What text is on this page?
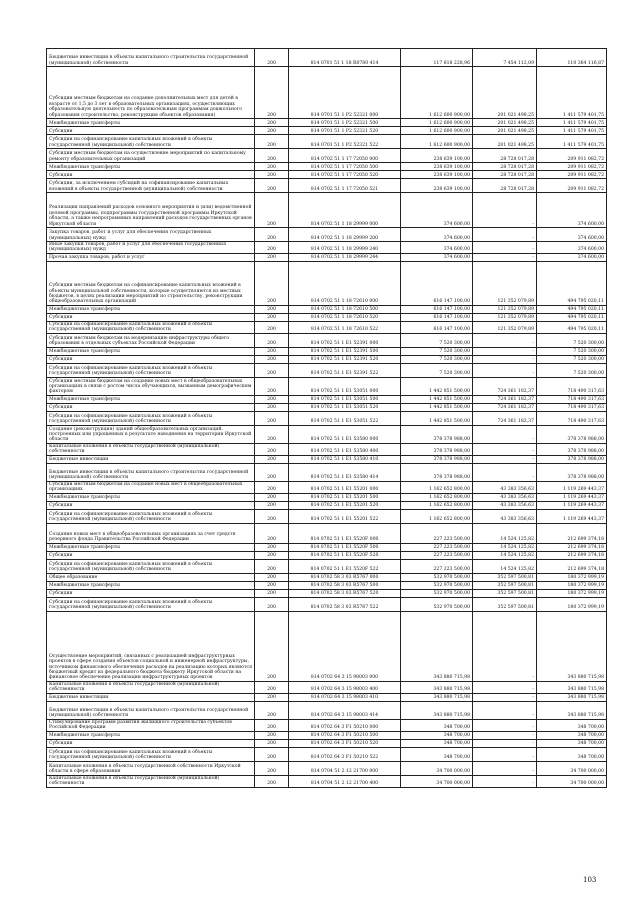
Бюджетные инвестиции в объекты капитального строительства государственной (муниципальной) собственности	200	814 0701 51 1 18 R0780 414	117 818 228,96	7 454 112,09	110 364 116,87
Субсидии местным бюджетам на создание дополнительных мест для детей в возрасте от 1,5 до 3 лет в образовательных организациях, осуществляющих образовательную деятельность по образовательным программам дошкольного образования (строительство, реконструкция объектов образования)	200	814 0701 51 1 P2 52321 000	1 612 600 900,00	201 021 498,25	1 411 579 401,75
Межбюджетные трансферты	200	814 0701 51 1 P2 52321 500	1 612 600 900,00	201 021 498,25	1 411 579 401,75
Субсидии	200	814 0701 51 1 P2 52321 520	1 612 600 900,00	201 021 498,25	1 411 579 401,75
Субсидии на софинансирование капитальных вложений в объекты государственной (муниципальной) собственности	200	814 0701 51 1 P2 52321 522	1 612 600 900,00	201 021 498,25	1 411 579 401,75
Субсидии местным бюджетам на осуществление мероприятий по капитальному ремонту образовательных организаций	200	814 0702 51 1 17 72050 000	238 639 100,00	28 728 017,28	209 911 082,72
Межбюджетные трансферты	200	814 0702 51 1 17 72050 500	238 639 100,00	28 728 017,28	209 911 082,72
Субсидии	200	814 0702 51 1 17 72050 520	238 639 100,00	28 728 017,28	209 911 082,72
Субсидии, за исключением субсидий на софинансирование капитальных вложений в объекты государственной (муниципальной) собственности	200	814 0702 51 1 17 72050 521	238 639 100,00	28 728 017,28	209 911 082,72
Реализация направлений расходов основного мероприятия и (или) ведомственной целевой программы, подпрограммы государственной программы Иркутской области, а также непрограммных направлений расходов государственных органов Иркутской области	200	814 0702 51 1 18 29999 000	374 600,00	-	374 600,00
Закупка товаров, работ и услуг для обеспечения государственных (муниципальных) нужд	200	814 0702 51 1 18 29999 200	374 600,00	-	374 600,00
Иные закупки товаров, работ и услуг для обеспечения государственных (муниципальных) нужд	200	814 0702 51 1 18 29999 240	374 600,00	-	374 600,00
Прочая закупка товаров, работ и услуг	200	814 0702 51 1 18 29999 244	374 600,00	-	374 600,00
Субсидии местным бюджетам на софинансирование капитальных вложений в объекты муниципальной собственности, которые осуществляются из местных бюджетов, в целях реализации мероприятий по строительству, реконструкции общеобразовательных организаций	200	814 0702 51 1 18 72610 000	616 147 100,00	121 352 079,89	494 795 020,11
Межбюджетные трансферты	200	814 0702 51 1 18 72610 500	616 147 100,00	121 352 079,89	494 795 020,11
Субсидии	200	814 0702 51 1 18 72610 520	616 147 100,00	121 352 079,89	494 795 020,11
Субсидии на софинансирование капитальных вложений в объекты государственной (муниципальной) собственности	200	814 0702 51 1 18 72610 522	616 147 100,00	121 352 079,89	494 795 020,11
Субсидии местным бюджетам на модернизацию инфраструктуры общего образования в отдельных субъектах Российской Федерации	200	814 0702 51 1 E1 52391 000	7 520 300,00	-	7 520 300,00
Межбюджетные трансферты	200	814 0702 51 1 E1 52391 500	7 520 300,00	-	7 520 300,00
Субсидии	200	814 0702 51 1 E1 52391 520	7 520 300,00	-	7 520 300,00
Субсидии на софинансирование капитальных вложений в объекты государственной (муниципальной) собственности	200	814 0702 51 1 E1 52391 522	7 520 300,00	-	7 520 300,00
Субсидии местным бюджетам на создание новых мест в общеобразовательных организациях в связи с ростом числа обучающихся, вызванным демографическим фактором	200	814 0702 51 1 E1 53051 000	1 442 851 500,00	724 361 182,37	718 490 317,63
Межбюджетные трансферты	200	814 0702 51 1 E1 53051 500	1 442 851 500,00	724 361 182,37	718 490 317,63
Субсидии	200	814 0702 51 1 E1 53051 520	1 442 851 500,00	724 361 182,37	718 490 317,63
Субсидии на софинансирование капитальных вложений в объекты государственной (муниципальной) собственности	200	814 0702 51 1 E1 53051 522	1 442 851 500,00	724 361 182,37	718 490 317,63
Создание (реконструкция) зданий общеобразовательных организаций, построенных или упрощенных в результате наводнения на территории Иркутской области	200	814 0702 51 1 E1 53580 000	378 378 988,00	-	378 378 988,00
Капитальные вложения в объекты государственной (муниципальной) собственности	200	814 0702 51 1 E1 53580 400	378 378 988,00	-	378 378 988,00
Бюджетные инвестиции	200	814 0702 51 1 E1 53580 410	378 378 988,00	-	378 378 988,00
Бюджетные инвестиции в объекты капитального строительства государственной (муниципальной) собственности	200	814 0702 51 1 E1 53580 414	378 378 988,00	-	378 378 988,00
Субсидии местным бюджетам на создание новых мест в общеобразовательных организациях	200	814 0702 51 1 E1 55201 000	1 162 652 800,00	43 383 356,63	1 119 269 443,37
Межбюджетные трансферты	200	814 0702 51 1 E1 55201 500	1 162 652 800,00	43 383 356,63	1 119 269 443,37
Субсидии	200	814 0702 51 1 E1 55201 520	1 162 652 800,00	43 383 356,63	1 119 269 443,37
Субсидии на софинансирование капитальных вложений в объекты государственной (муниципальной) собственности	200	814 0702 51 1 E1 55201 522	1 162 652 800,00	43 383 356,63	1 119 269 443,37
Создание новых мест в общеобразовательных организациях за счет средств резервного фонда Правительства Российской Федерации	200	814 0702 51 1 E1 5520F 000	227 223 500,00	14 524 125,82	212 699 374,18
Межбюджетные трансферты	200	814 0702 51 1 E1 5520F 500	227 223 500,00	14 524 125,82	212 699 374,18
Субсидии	200	814 0702 51 1 E1 5520F 520	227 223 500,00	14 524 125,82	212 699 374,18
Субсидии на софинансирование капитальных вложений в объекты государственной (муниципальной) собственности	200	814 0702 51 1 E1 5520F 522	227 223 500,00	14 524 125,82	212 699 374,18
Общее образование	200	814 0702 58 3 03 R5767 000	532 970 500,00	352 597 500,81	180 372 999,19
Межбюджетные трансферты	200	814 0702 58 3 03 R5767 500	532 970 500,00	352 597 500,81	180 372 999,19
Субсидии	200	814 0702 58 3 03 R5767 520	532 970 500,00	352 597 500,81	180 372 999,19
Субсидии на софинансирование капитальных вложений в объекты государственной (муниципальной) собственности	200	814 0702 58 3 03 R5767 522	532 970 500,00	352 597 500,81	180 372 999,19
Осуществление мероприятий, связанных с реализацией инфраструктурных проектов в сфере создания объектов социальной и инженерной инфраструктуры, источником финансового обеспечения расходов на реализацию которых являются бюджетный кредит из федерального бюджета бюджету Иркутской области на финансовое обеспечение реализации инфраструктурных проектов	200	814 0702 64 3 15 98003 000	343 880 715,98	-	343 880 715,98
Капитальные вложения в объекты государственной (муниципальной) собственности	200	814 0702 64 3 15 98003 400	343 880 715,98	-	343 880 715,98
Бюджетные инвестиции	200	814 0702 64 3 15 98003 410	343 880 715,98	-	343 880 715,98
Бюджетные инвестиции в объекты капитального строительства государственной (муниципальной) собственности	200	814 0702 64 3 15 98003 414	343 880 715,98	-	343 880 715,98
Стимулирование программ развития жилищного строительства субъектов Российской Федерации	200	814 0702 64 3 F1 50210 000	348 700,00	-	348 700,00
Межбюджетные трансферты	200	814 0702 64 3 F1 50210 500	348 700,00	-	348 700,00
Субсидии	200	814 0702 64 3 F1 50210 520	348 700,00	-	348 700,00
Субсидии на софинансирование капитальных вложений в объекты государственной (муниципальной) собственности	200	814 0702 64 3 F1 50210 522	348 700,00	-	348 700,00
Капитальные вложения в объекты государственной собственности Иркутской области в сфере образования	200	814 0704 51 2 12 21700 000	34 700 000,00	-	34 700 000,00
Капитальные вложения в объекты государственной (муниципальной) собственности	200	814 0704 51 2 12 21700 400	34 700 000,00	-	34 700 000,00
103
